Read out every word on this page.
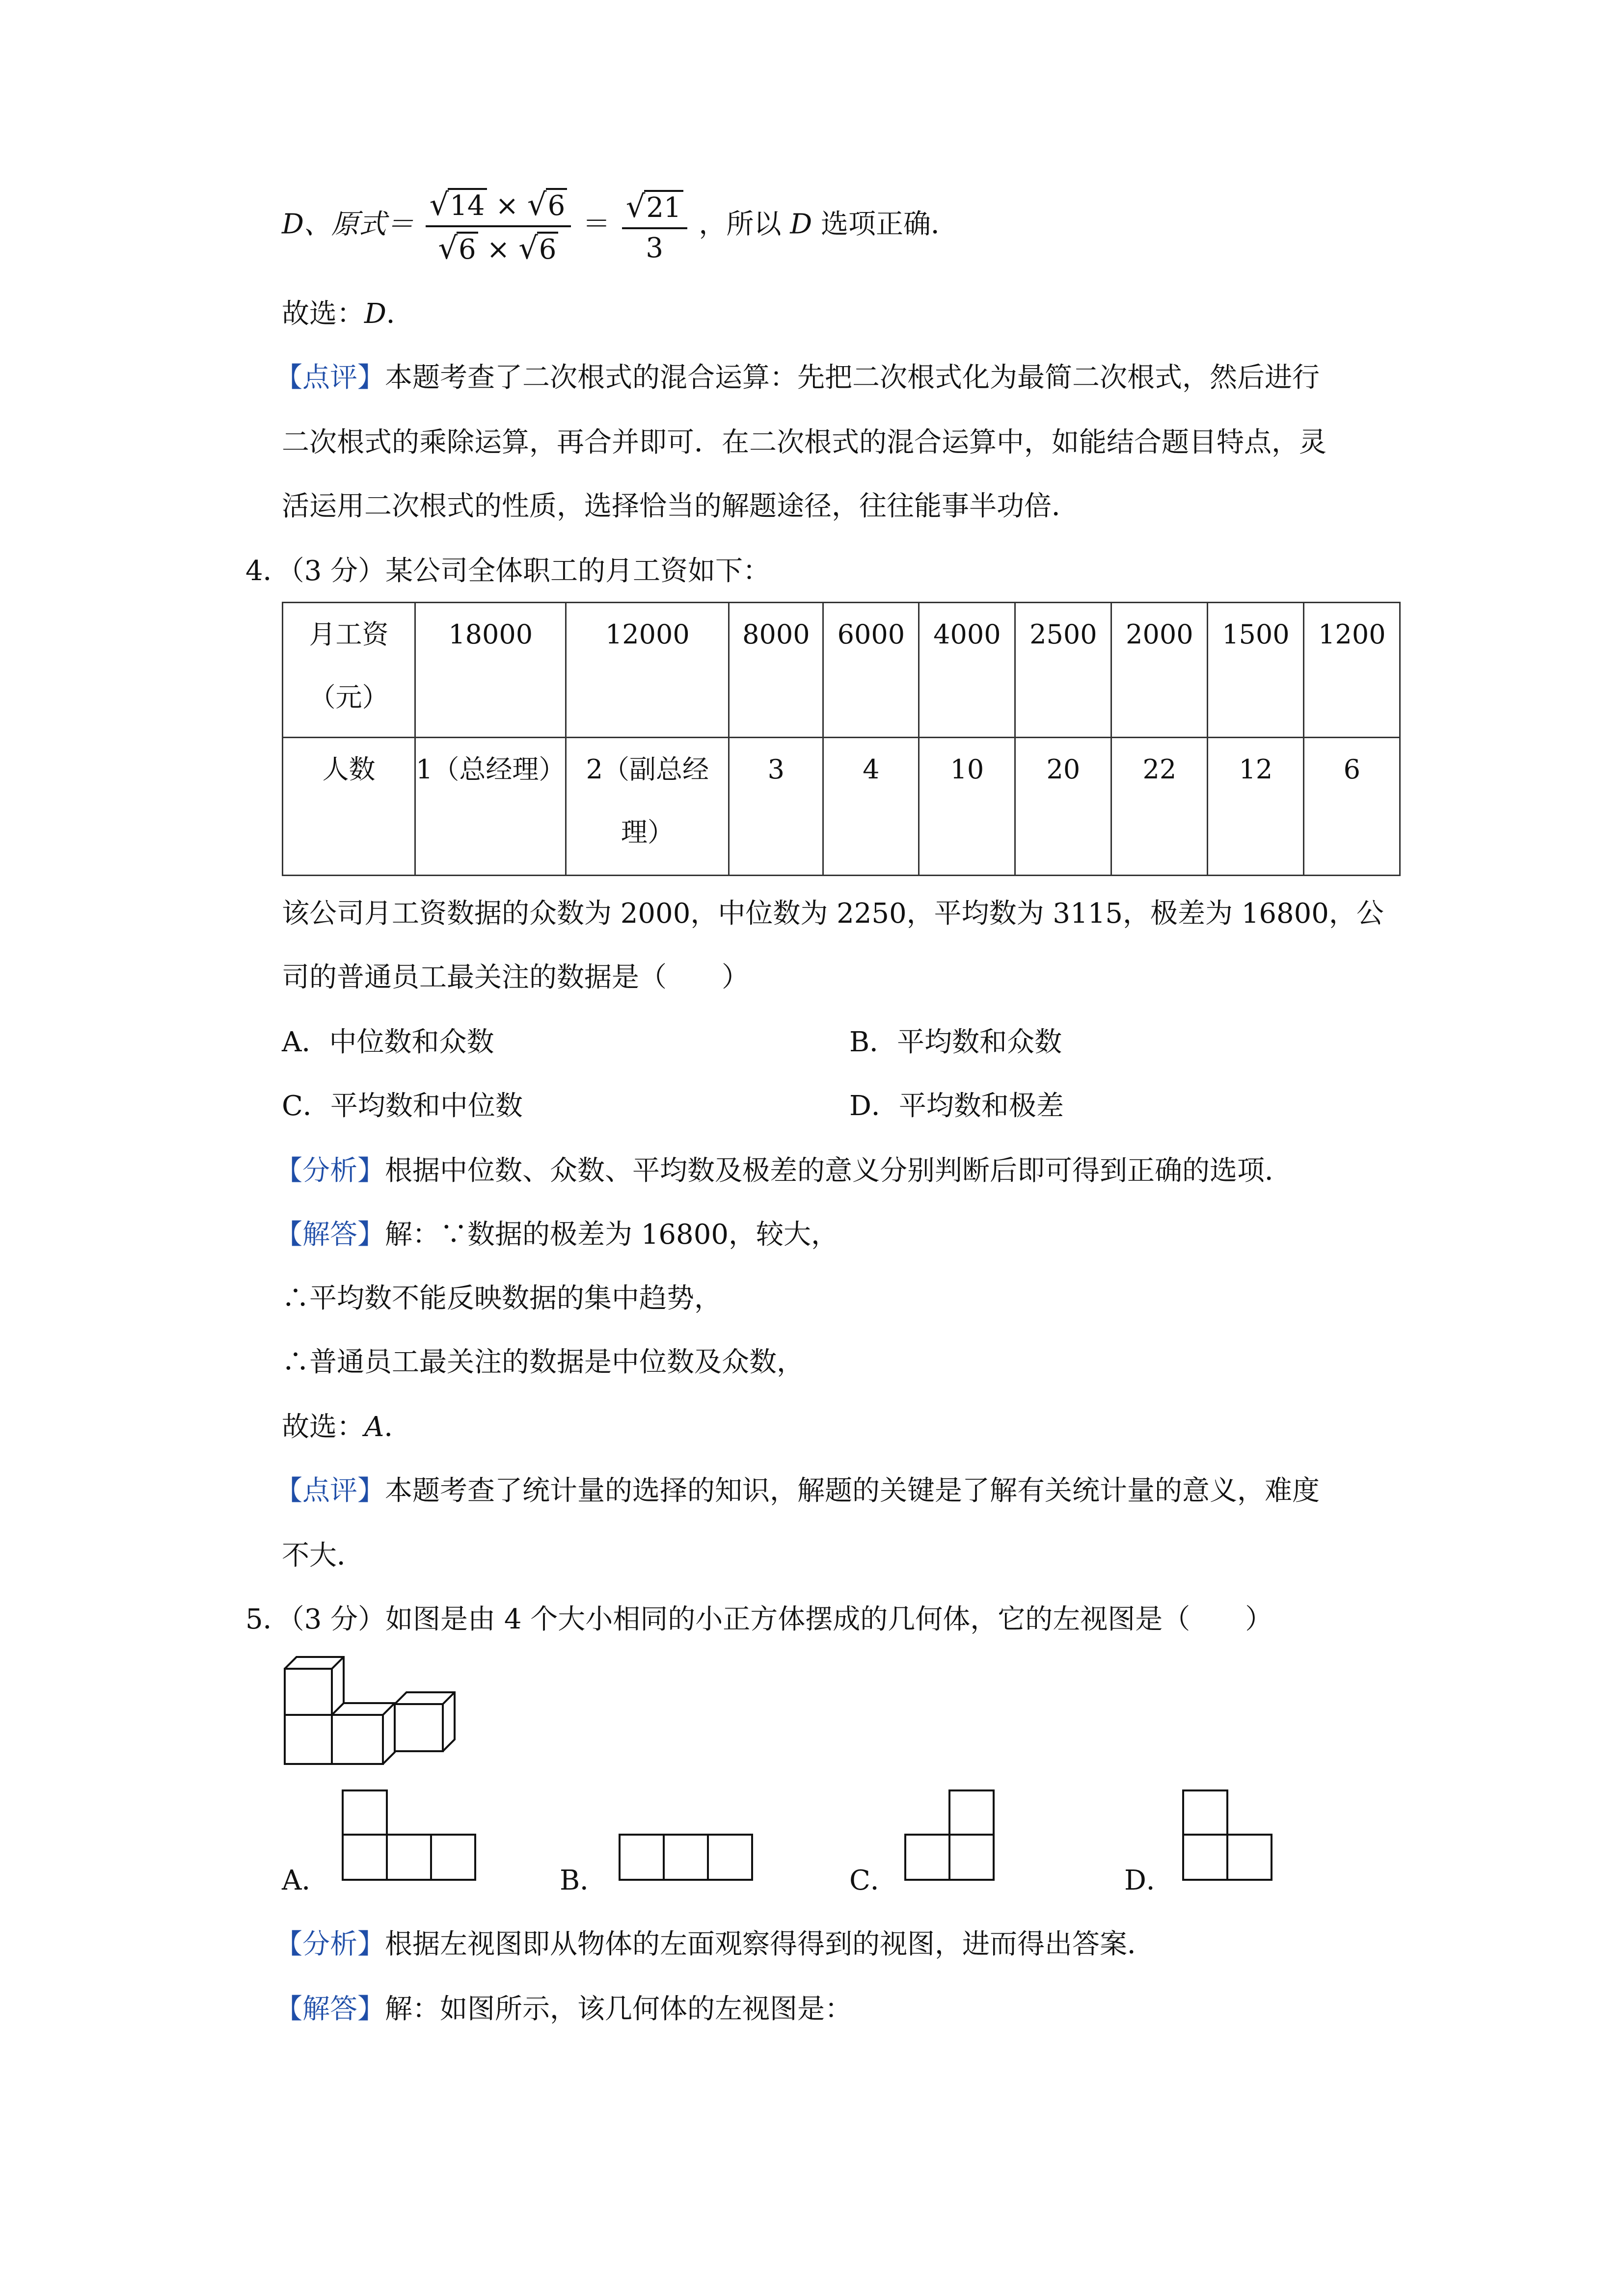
D、原式＝ $\frac{√14 \times √6}{√6 \times √6} = \frac{√21}{3}$ ，所以 D 选项正确．
故选：D．
【点评】本题考查了二次根式的混合运算：先把二次根式化为最简二次根式，然后进行
二次根式的乘除运算，再合并即可．在二次根式的混合运算中，如能结合题目特点，灵
活运用二次根式的性质，选择恰当的解题途径，往往能事半功倍．
4．（3 分）某公司全体职工的月工资如下：
月工资
（元）	18000	12000	8000	6000	4000	2500	2000	1500	1200
人数	1（总经理）	2（副总经
理）	3	4	10	20	22	12	6
该公司月工资数据的众数为 2000，中位数为 2250，平均数为 3115，极差为 16800，公
司的普通员工最关注的数据是（　　）
A．中位数和众数	B．平均数和众数
C．平均数和中位数	D．平均数和极差
【分析】根据中位数、众数、平均数及极差的意义分别判断后即可得到正确的选项．
【解答】解：∵数据的极差为 16800，较大，
∴平均数不能反映数据的集中趋势，
∴普通员工最关注的数据是中位数及众数，
故选：A．
【点评】本题考查了统计量的选择的知识，解题的关键是了解有关统计量的意义，难度
不大．
5．（3 分）如图是由 4 个大小相同的小正方体摆成的几何体，它的左视图是（　　）
A．	B．	C．	D．
【分析】根据左视图即从物体的左面观察得得到的视图，进而得出答案．
【解答】解：如图所示，该几何体的左视图是：
